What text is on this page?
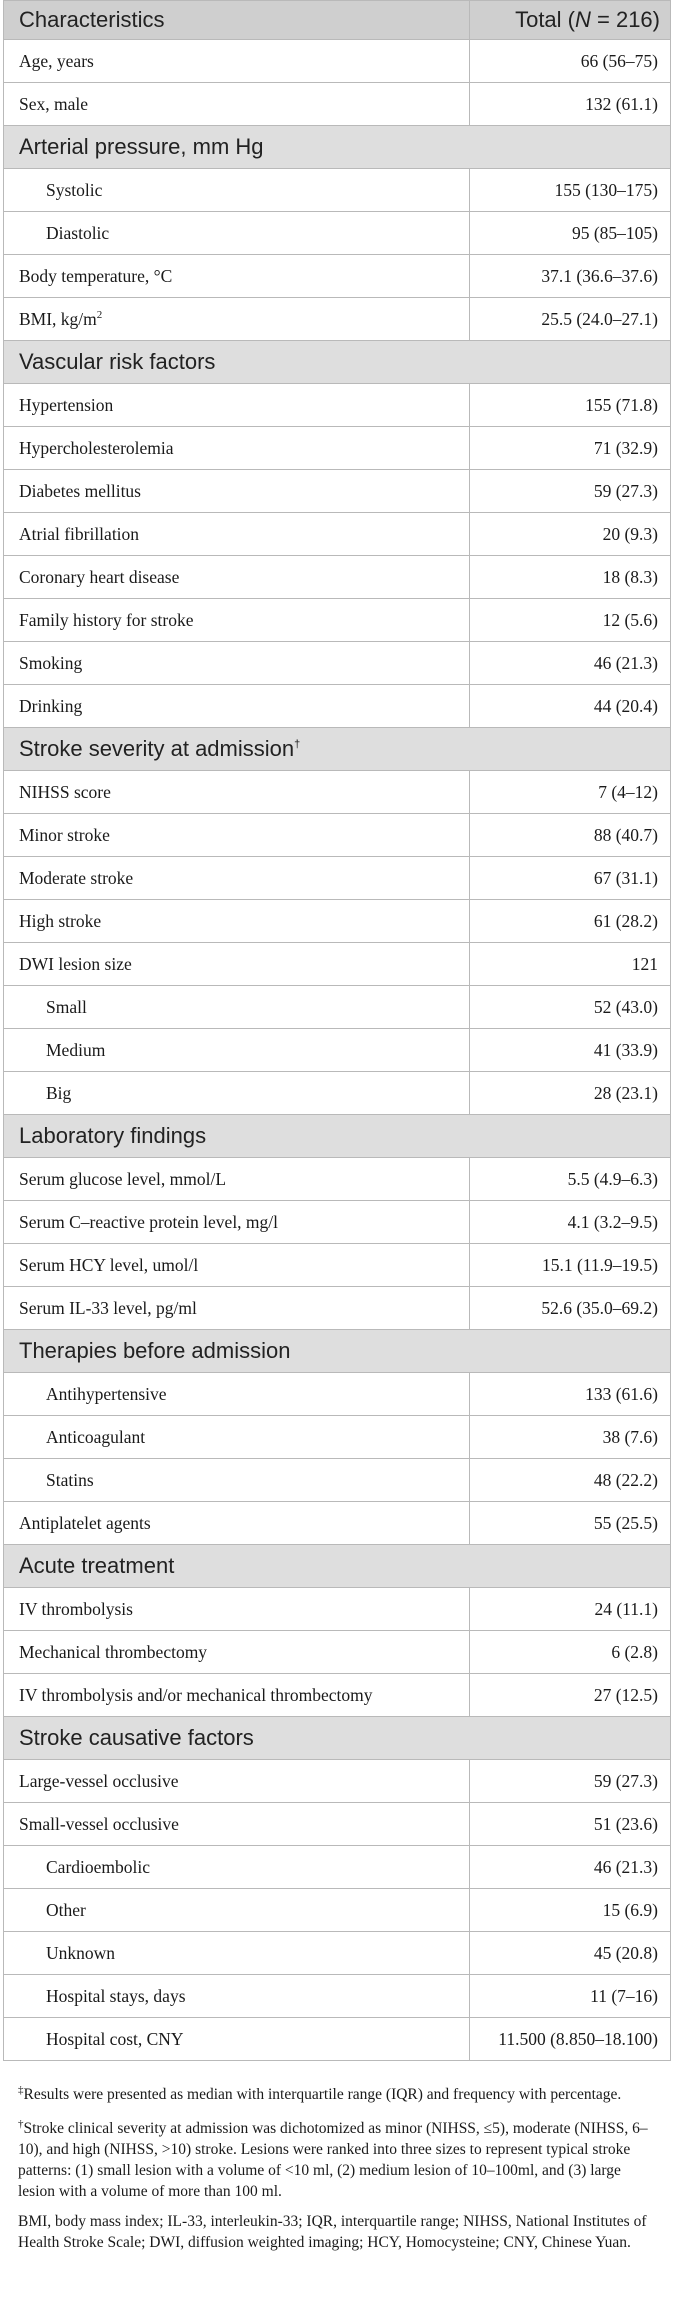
Characteristics	Total (N = 216)
Age, years	66 (56–75)
Sex, male	132 (61.1)
Arterial pressure, mm Hg	
Systolic	155 (130–175)
Diastolic	95 (85–105)
Body temperature, °C	37.1 (36.6–37.6)
BMI, $kg/m^2$	25.5 (24.0–27.1)
Vascular risk factors	
Hypertension	155 (71.8)
Hypercholesterolemia	71 (32.9)
Diabetes mellitus	59 (27.3)
Atrial fibrillation	20 (9.3)
Coronary heart disease	18 (8.3)
Family history for stroke	12 (5.6)
Smoking	46 (21.3)
Drinking	44 (20.4)
Stroke severity at admission†
NIHSS score	7 (4–12)
Minor stroke	88 (40.7)
Moderate stroke	67 (31.1)
High stroke	61 (28.2)
DWI lesion size	121
Small	52 (43.0)
Medium	41 (33.9)
Big	28 (23.1)
Laboratory findings	
Serum glucose level, mmol/L	5.5 (4.9–6.3)
Serum C–reactive protein level, mg/l	4.1 (3.2–9.5)
Serum HCY level, umol/l	15.1 (11.9–19.5)
Serum IL-33 level, pg/ml	52.6 (35.0–69.2)
Therapies before admission	
Antihypertensive	133 (61.6)
Anticoagulant	38 (7.6)
Statins	48 (22.2)
Antiplatelet agents	55 (25.5)
Acute treatment	
IV thrombolysis	24 (11.1)
Mechanical thrombectomy	6 (2.8)
IV thrombolysis and/or mechanical thrombectomy	27 (12.5)
Stroke causative factors	
Large-vessel occlusive	59 (27.3)
Small-vessel occlusive	51 (23.6)
Cardioembolic	46 (21.3)
Other	15 (6.9)
Unknown	45 (20.8)
Hospital stays, days	11 (7–16)
Hospital cost, CNY	11.500 (8.850–18.100)

‡Results were presented as median with interquartile range (IQR) and frequency with percentage.

†Stroke clinical severity at admission was dichotomized as minor (NIHSS, ≤5), moderate (NIHSS, 6–10), and high (NIHSS, >10) stroke. Lesions were ranked into three sizes to represent typical stroke patterns: (1) small lesion with a volume of <10 ml, (2) medium lesion of 10–100ml, and (3) large lesion with a volume of more than 100 ml.

BMI, body mass index; IL-33, interleukin-33; IQR, interquartile range; NIHSS, National Institutes of Health Stroke Scale; DWI, diffusion weighted imaging; HCY, Homocysteine; CNY, Chinese Yuan.
